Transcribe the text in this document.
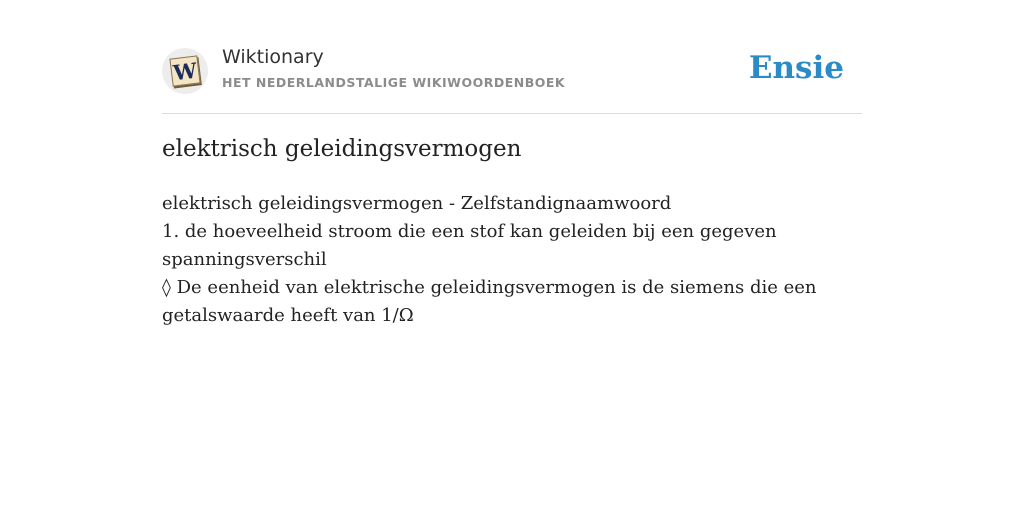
W
Wiktionary
HET NEDERLANDSTALIGE WIKIWOORDENBOEK	Ensie
elektrisch geleidingsvermogen
elektrisch geleidingsvermogen - Zelfstandignaamwoord
1. de hoeveelheid stroom die een stof kan geleiden bij een gegeven spanningsverschil
◊ De eenheid van elektrische geleidingsvermogen is de siemens die een getalswaarde heeft van 1/Ω
